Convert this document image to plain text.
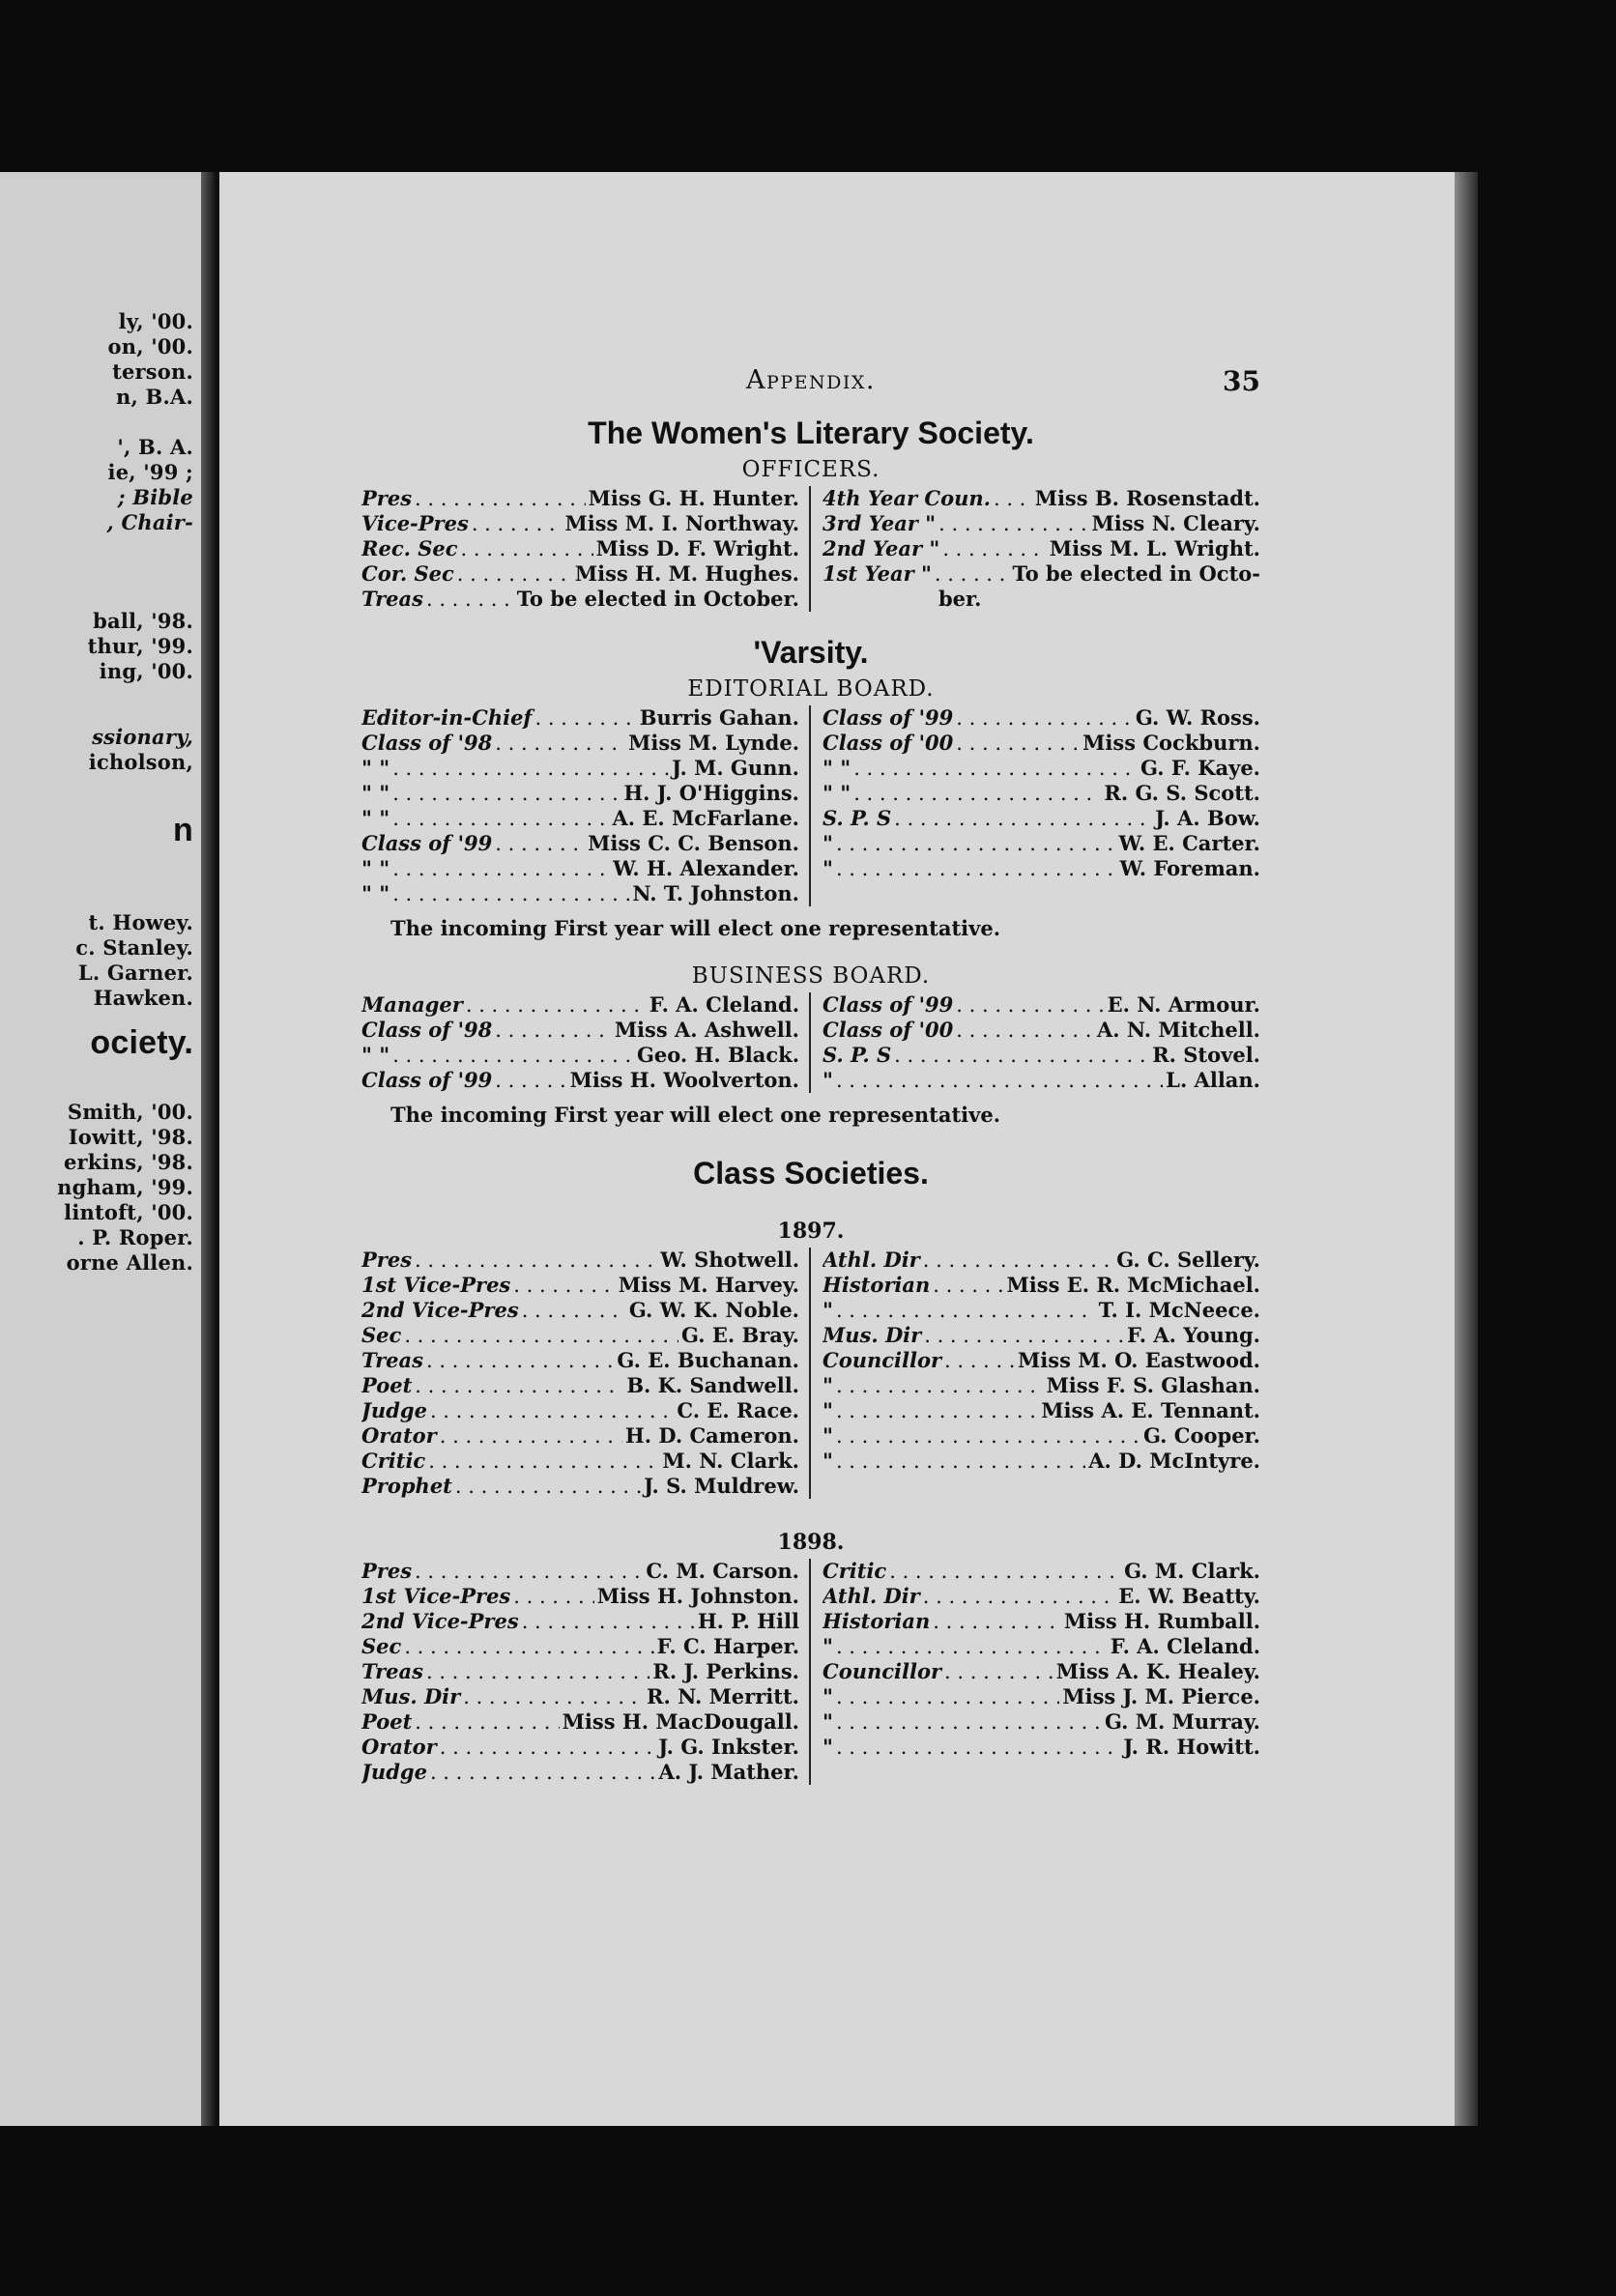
ly, '00.
on, '00.
terson.
n, B.A.
', B. A.
ie, '99 ;
; Bible
, Chair-
ball, '98.
thur, '99.
ing, '00.
ssionary,
icholson,
n
t. Howey.
c. Stanley.
L. Garner.
Hawken.
ociety.
Smith, '00.
Iowitt, '98.
erkins, '98.
ngham, '99.
lintoft, '00.
. P. Roper.
orne Allen.
Appendix.	35
The Women's Literary Society.
OFFICERS.
Pres . . .	Miss G. H. Hunter.
Vice-Pres . . .	Miss M. I. Northway.
Rec. Sec . . .	Miss D. F. Wright.
Cor. Sec . . .	Miss H. M. Hughes.
Treas . . .	To be elected in October.
4th Year Coun. . . . Miss B. Rosenstadt.
3rd Year " . . .	Miss N. Cleary.
2nd Year " . . .	Miss M. L. Wright.
1st Year " . . .	To be elected in Octo-
ber.
'Varsity.
EDITORIAL BOARD.
Editor-in-Chief . . .	Burris Gahan.
Class of '98 . . .	Miss M. Lynde.
" " . . .	J. M. Gunn.
" " . . .	H. J. O'Higgins.
" " . . .	A. E. McFarlane.
Class of '99 . . .	Miss C. C. Benson.
" " . . .	W. H. Alexander.
" " . . .	N. T. Johnston.
Class of '99 . . .	G. W. Ross.
Class of '00 . . .	Miss Cockburn.
" " . . .	G. F. Kaye.
" " . . .	R. G. S. Scott.
S. P. S . . .	J. A. Bow.
" . . .	W. E. Carter.
" . . .	W. Foreman.
The incoming First year will elect one representative.
BUSINESS BOARD.
Manager . . .	F. A. Cleland.
Class of '98 . . .	Miss A. Ashwell.
" " . . .	Geo. H. Black.
Class of '99 . . .	Miss H. Woolverton.
Class of '99 . . .	E. N. Armour.
Class of '00 . . .	A. N. Mitchell.
S. P. S . . .	R. Stovel.
" . . .	L. Allan.
The incoming First year will elect one representative.
Class Societies.
1897.
Pres . . .	W. Shotwell.
1st Vice-Pres . . .	Miss M. Harvey.
2nd Vice-Pres . . .	G. W. K. Noble.
Sec . . .	G. E. Bray.
Treas . . .	G. E. Buchanan.
Poet . . .	B. K. Sandwell.
Judge . . .	C. E. Race.
Orator . . .	H. D. Cameron.
Critic . . .	M. N. Clark.
Prophet . . .	J. S. Muldrew.
Athl. Dir . . .	G. C. Sellery.
Historian . . .	Miss E. R. McMichael.
" . . .	T. I. McNeece.
Mus. Dir . . .	F. A. Young.
Councillor . . .	Miss M. O. Eastwood.
" . . .	Miss F. S. Glashan.
" . . .	Miss A. E. Tennant.
" . . .	G. Cooper.
" . . .	A. D. McIntyre.
1898.
Pres . . .	C. M. Carson.
1st Vice-Pres . . .	Miss H. Johnston.
2nd Vice-Pres . . .	H. P. Hill
Sec . . .	F. C. Harper.
Treas . . .	R. J. Perkins.
Mus. Dir . . .	R. N. Merritt.
Poet . . .	Miss H. MacDougall.
Orator . . .	J. G. Inkster.
Judge . . .	A. J. Mather.
Critic . . .	G. M. Clark.
Athl. Dir . . .	E. W. Beatty.
Historian . . .	Miss H. Rumball.
" . . .	F. A. Cleland.
Councillor . . .	Miss A. K. Healey.
" . . .	Miss J. M. Pierce.
" . . .	G. M. Murray.
" . . .	J. R. Howitt.
